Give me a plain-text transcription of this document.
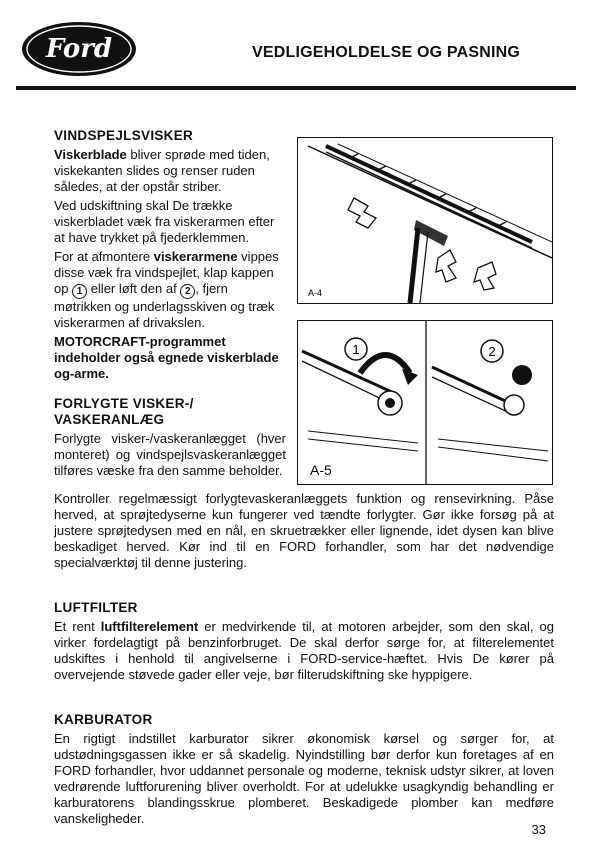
Ford	VEDLIGEHOLDELSE OG PASNING
VINDSPEJLSVISKER

Viskerblade bliver sprøde med tiden, viskekanten slides og renser ruden således, at der opstår striber.

Ved udskiftning skal De trække viskerbladet væk fra viskerarmen efter at have trykket på fjederklemmen.

For at afmontere viskerarmene vippes disse væk fra vindspejlet, klap kappen op 1 eller løft den af 2 , fjern møtrikken og underlagsskiven og træk viskerarmen af drivakslen.

MOTORCRAFT-programmet indeholder også egnede viskerblade og-arme.

FORLYGTE VISKER-/
VASKERANLÆG

Forlygte visker-/vaskeranlægget (hver monteret) og vindspejlsvaskeranlægget tilføres væske fra den samme beholder.

Kontroller regelmæssigt forlygtevaskeranlæggets funktion og rensevirkning. Påse herved, at sprøjtedyserne kun fungerer ved tændte forlygter. Gør ikke forsøg på at justere sprøjtedysen med en nål, en skruetrækker eller lignende, idet dysen kan blive beskadiget herved. Kør ind til en FORD forhandler, som har det nødvendige specialværktøj til denne justering.

A-4
1
A-5
2
LUFTFILTER

Et rent luftfilterelement er medvirkende til, at motoren arbejder, som den skal, og virker fordelagtigt på benzinforbruget. De skal derfor sørge for, at filterelementet udskiftes i henhold til angivelserne i FORD-service-hæftet. Hvis De kører på overvejende støvede gader eller veje, bør filterudskiftning ske hyppigere.

KARBURATOR

En rigtigt indstillet karburator sikrer økonomisk kørsel og sørger for, at udstødningsgassen ikke er så skadelig. Nyindstilling bør derfor kun foretages af en FORD forhandler, hvor uddannet personale og moderne, teknisk udstyr sikrer, at loven vedrørende luftforurening bliver overholdt. For at udelukke usagkyndig behandling er karburatorens blandingsskrue plomberet. Beskadigede plomber kan medføre vanskeligheder.

33
